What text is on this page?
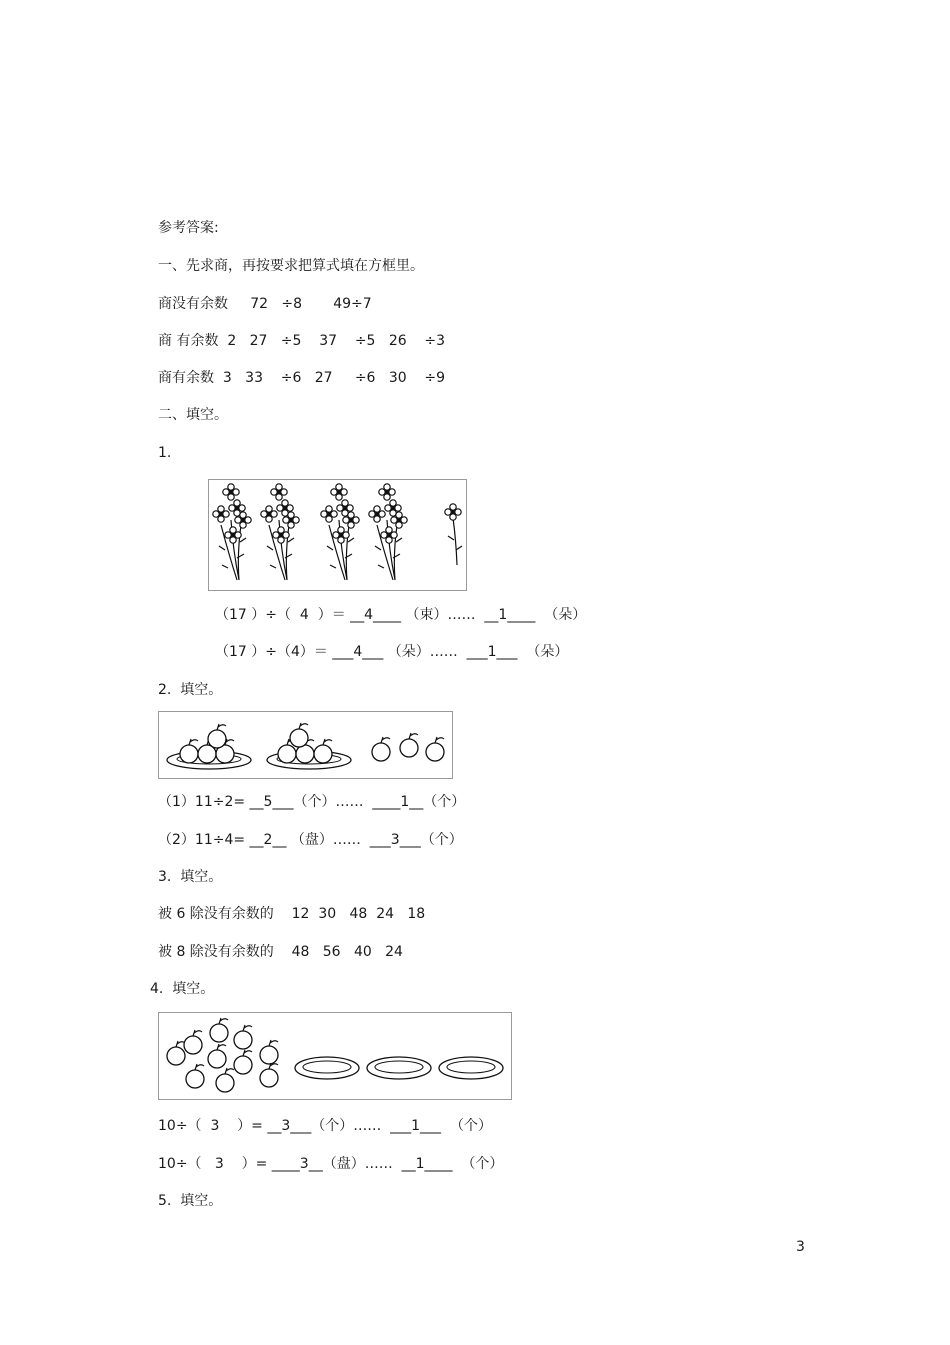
参考答案:
一、先求商，再按要求把算式填在方框里。
商没有余数     72   ÷8       49÷7
商 有余数  2   27   ÷5    37    ÷5   26    ÷3
商有余数  3   33    ÷6   27     ÷6   30    ÷9
二、填空。
1.
（17 ）÷（  4  ）＝ __4____ （束）……  __1____  （朵）
（17 ）÷（4）＝ ___4___ （朵）……  ___1___  （朵）
2.  填空。
（1）11÷2= __5___（个）……  ____1__（个）
（2）11÷4= __2__ （盘）……  ___3___（个）
3.  填空。
被 6 除没有余数的    12  30   48  24   18
被 8 除没有余数的    48   56   40   24
4.  填空。
10÷（  3    ）= __3___（个）……  ___1___  （个）
10÷（   3    ）= ____3__（盘）……  __1____  （个）
5.  填空。
3
